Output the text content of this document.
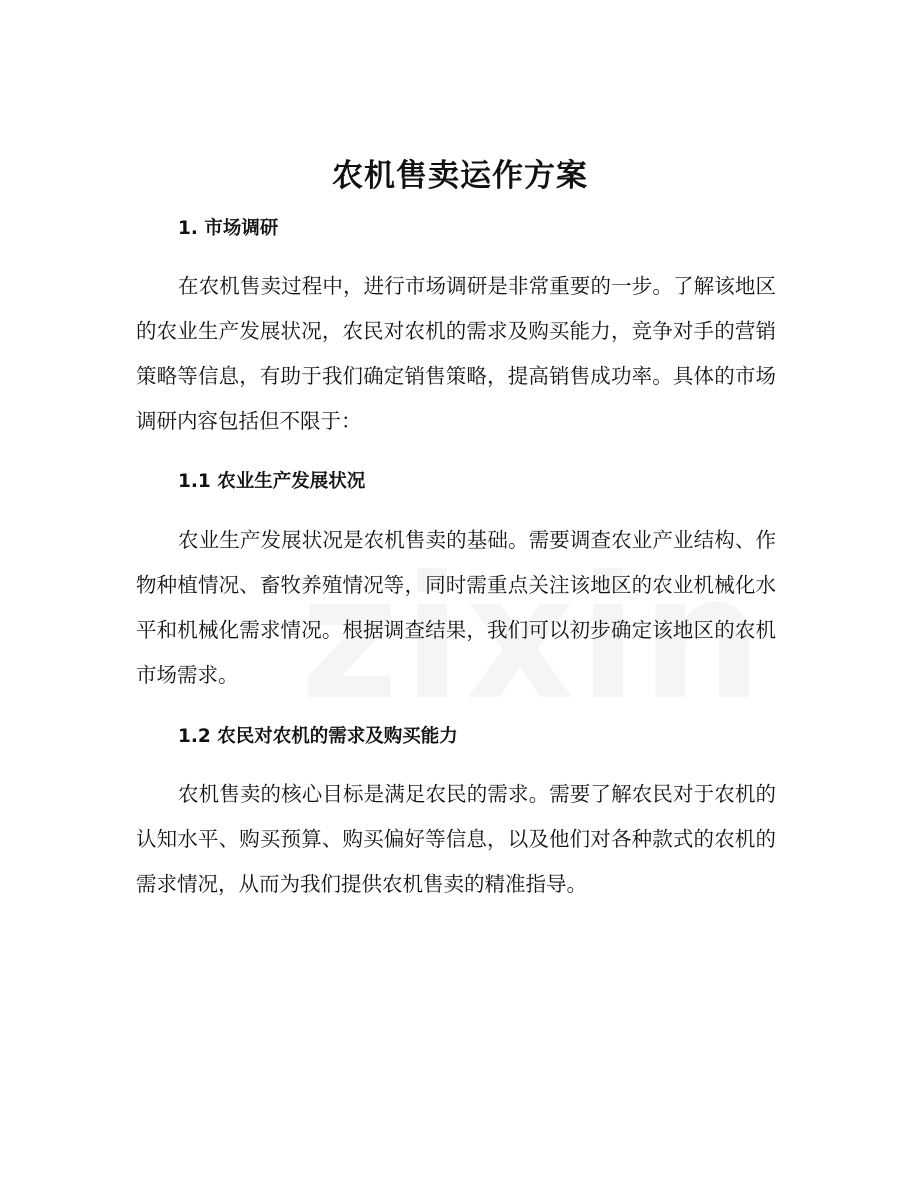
农机售卖运作方案
1. 市场调研

在农机售卖过程中，进行市场调研是非常重要的一步。了解该地区的农业生产发展状况，农民对农机的需求及购买能力，竞争对手的营销策略等信息，有助于我们确定销售策略，提高销售成功率。具体的市场调研内容包括但不限于：

1.1 农业生产发展状况

农业生产发展状况是农机售卖的基础。需要调查农业产业结构、作物种植情况、畜牧养殖情况等，同时需重点关注该地区的农业机械化水平和机械化需求情况。根据调查结果，我们可以初步确定该地区的农机市场需求。

1.2 农民对农机的需求及购买能力

农机售卖的核心目标是满足农民的需求。需要了解农民对于农机的认知水平、购买预算、购买偏好等信息，以及他们对各种款式的农机的需求情况，从而为我们提供农机售卖的精准指导。
